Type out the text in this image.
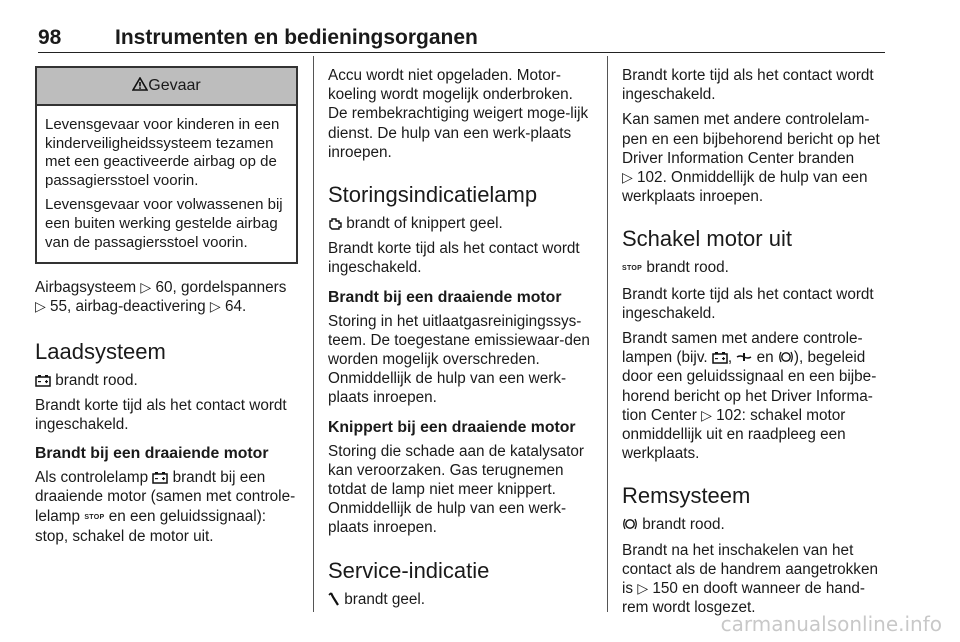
98	Instrumenten en bedieningsorganen
Gevaar

Levensgevaar voor kinderen in een kinderveiligheidssysteem tezamen met een geactiveerde airbag op de passagiersstoel voorin.

Levensgevaar voor volwassenen bij een buiten werking gestelde airbag van de passagiersstoel voorin.

Airbagsysteem ▷ 60, gordelspanners ▷ 55, airbag-deactivering ▷ 64.

Laadsysteem

brandt rood.

Brandt korte tijd als het contact wordt ingeschakeld.

Brandt bij een draaiende motor

Als controlelamp  brandt bij een draaiende motor (samen met controle-lelamp STOP en een geluidssignaal): stop, schakel de motor uit.

Accu wordt niet opgeladen. Motor-koeling wordt mogelijk onderbroken. De rembekrachtiging weigert moge-lijk dienst. De hulp van een werk-plaats inroepen.

Storingsindicatielamp

brandt of knippert geel.

Brandt korte tijd als het contact wordt ingeschakeld.

Brandt bij een draaiende motor

Storing in het uitlaatgasreinigingssys-teem. De toegestane emissiewaar-den worden mogelijk overschreden. Onmiddellijk de hulp van een werk-plaats inroepen.

Knippert bij een draaiende motor

Storing die schade aan de katalysator kan veroorzaken. Gas terugnemen totdat de lamp niet meer knippert. Onmiddellijk de hulp van een werk-plaats inroepen.

Service-indicatie

brandt geel.

Brandt korte tijd als het contact wordt ingeschakeld.

Kan samen met andere controlelam-pen en een bijbehorend bericht op het Driver Information Center branden ▷ 102. Onmiddellijk de hulp van een werkplaats inroepen.

Schakel motor uit

STOP brandt rood.

Brandt korte tijd als het contact wordt ingeschakeld.

Brandt samen met andere controle-lampen (bijv. ,  en ), begeleid door een geluidssignaal en een bijbe-horend bericht op het Driver Informa-tion Center ▷ 102: schakel motor onmiddellijk uit en raadpleeg een werkplaats.

Remsysteem

brandt rood.

Brandt na het inschakelen van het contact als de handrem aangetrokken is ▷ 150 en dooft wanneer de hand-rem wordt losgezet.

carmanualsonline.info
